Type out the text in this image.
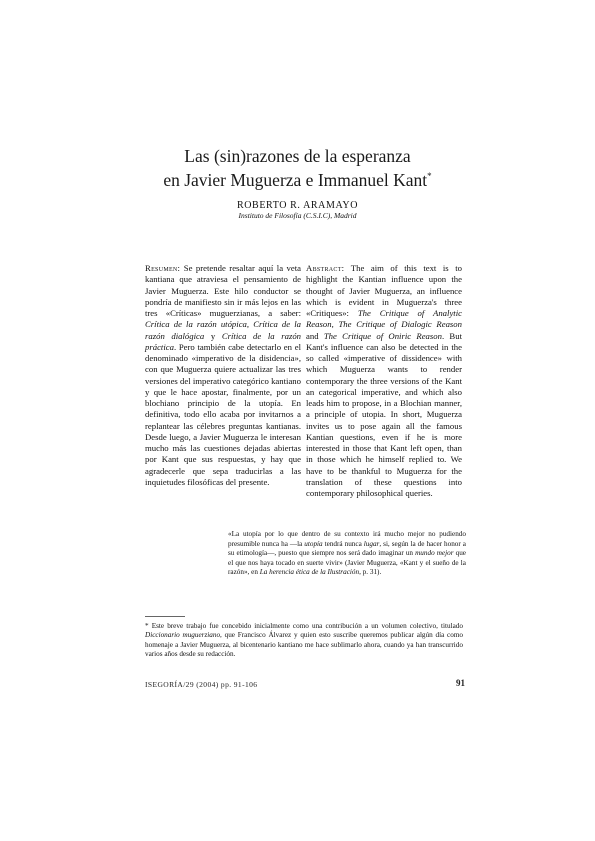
Las (sin)razones de la esperanza
en Javier Muguerza e Immanuel Kant*
ROBERTO R. ARAMAYO
Instituto de Filosofía (C.S.I.C), Madrid
Resumen: Se pretende resaltar aquí la veta kantiana que atraviesa el pensamiento de Javier Muguerza. Este hilo conductor se pondría de manifiesto sin ir más lejos en las tres «Críticas» muguerzianas, a saber: Crítica de la razón utópica, Crítica de la razón dialógica y Crítica de la razón práctica. Pero también cabe detectarlo en el denominado «imperativo de la disidencia», con que Muguerza quiere actualizar las tres versiones del imperativo categórico kantiano y que le hace apostar, finalmente, por un blochiano principio de la utopía. En definitiva, todo ello acaba por invitarnos a replantear las célebres preguntas kantianas. Desde luego, a Javier Muguerza le interesan mucho más las cuestiones dejadas abiertas por Kant que sus respuestas, y hay que agradecerle que sepa traducirlas a las inquietudes filosóficas del presente.
Abstract: The aim of this text is to highlight the Kantian influence upon the thought of Javier Muguerza, an influence which is evident in Muguerza's three «Critiques»: The Critique of Analytic Reason, The Critique of Dialogic Reason and The Critique of Oniric Reason. But Kant's influence can also be detected in the so called «imperative of dissidence» with which Muguerza wants to render contemporary the three versions of the Kant an categorical imperative, and which also leads him to propose, in a Blochian manner, a principle of utopia. In short, Muguerza invites us to pose again all the famous Kantian questions, even if he is more interested in those that Kant left open, than in those which he himself replied to. We have to be thankful to Muguerza for the translation of these questions into contemporary philosophical queries.
«La utopía por lo que dentro de su contexto irá mucho mejor no pudiendo presumible nunca ha —la utopía tendrá nunca lugar, si, según la de hacer honor a su etimología—, puesto que siempre nos será dado imaginar un mundo mejor que el que nos haya tocado en suerte vivir» (Javier Muguerza, «Kant y el sueño de la razón», en La herencia ética de la Ilustración, p. 31).
* Este breve trabajo fue concebido inicialmente como una contribución a un volumen colectivo, titulado Diccionario muguerziano, que Francisco Álvarez y quien esto suscribe queremos publicar algún día como homenaje a Javier Muguerza, al bicentenario kantiano me hace sublimarlo ahora, cuando ya han transcurrido varios años desde su redacción.
ISEGORÍA/29 (2004) pp. 91-106	91
